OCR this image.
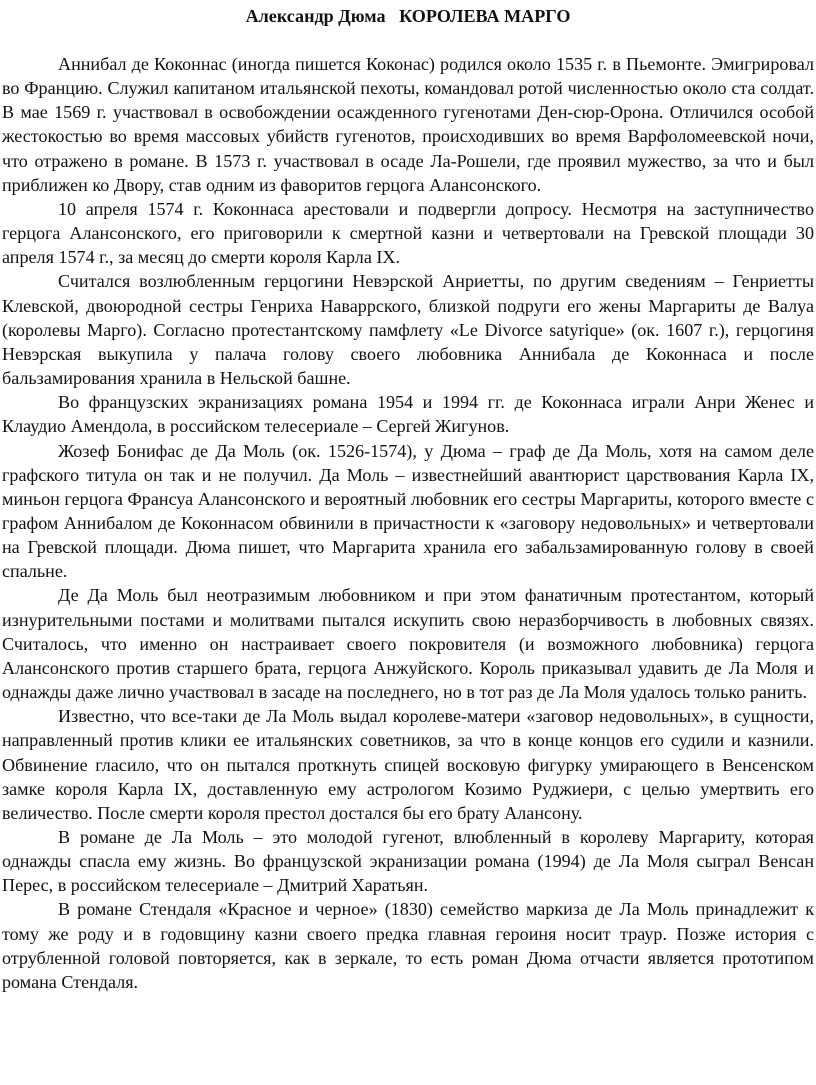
Александр Дюма КОРОЛЕВА МАРГО

Аннибал де Коконнас (иногда пишется Коконас) родился около 1535 г. в Пьемонте. Эмигрировал во Францию. Служил капитаном итальянской пехоты, командовал ротой численностью около ста солдат. В мае 1569 г. участвовал в освобождении осажденного гугенотами Ден-сюр-Орона. Отличился особой жестокостью во время массовых убийств гугенотов, происходивших во время Варфоломеевской ночи, что отражено в романе. В 1573 г. участвовал в осаде Ла-Рошели, где проявил мужество, за что и был приближен ко Двору, став одним из фаворитов герцога Алансонского.

10 апреля 1574 г. Коконнаса арестовали и подвергли допросу. Несмотря на заступничество герцога Алансонского, его приговорили к смертной казни и четвертовали на Гревской площади 30 апреля 1574 г., за месяц до смерти короля Карла IX.

Считался возлюбленным герцогини Невэрской Анриетты, по другим сведениям – Генриетты Клевской, двоюродной сестры Генриха Наваррского, близкой подруги его жены Маргариты де Валуа (королевы Марго). Согласно протестантскому памфлету «Le Divorce satyrique» (ок. 1607 г.), герцогиня Невэрская выкупила у палача голову своего любовника Аннибала де Коконнаса и после бальзамирования хранила в Нельской башне.

Во французских экранизациях романа 1954 и 1994 гг. де Коконнаса играли Анри Женес и Клаудио Амендола, в российском телесериале – Сергей Жигунов.

Жозеф Бонифас де Да Моль (ок. 1526-1574), у Дюма – граф де Да Моль, хотя на самом деле графского титула он так и не получил. Да Моль – известнейший авантюрист царствования Карла IX, миньон герцога Франсуа Алансонского и вероятный любовник его сестры Маргариты, которого вместе с графом Аннибалом де Коконнасом обвинили в причастности к «заговору недовольных» и четвертовали на Гревской площади. Дюма пишет, что Маргарита хранила его забальзамированную голову в своей спальне.

Де Да Моль был неотразимым любовником и при этом фанатичным протестантом, который изнурительными постами и молитвами пытался искупить свою неразборчивость в любовных связях. Считалось, что именно он настраивает своего покровителя (и возможного любовника) герцога Алансонского против старшего брата, герцога Анжуйского. Король приказывал удавить де Ла Моля и однажды даже лично участвовал в засаде на последнего, но в тот раз де Ла Моля удалось только ранить.

Известно, что все-таки де Ла Моль выдал королеве-матери «заговор недовольных», в сущности, направленный против клики ее итальянских советников, за что в конце концов его судили и казнили. Обвинение гласило, что он пытался проткнуть спицей восковую фигурку умирающего в Венсенском замке короля Карла IX, доставленную ему астрологом Козимо Руджиери, с целью умертвить его величество. После смерти короля престол достался бы его брату Алансону.

В романе де Ла Моль – это молодой гугенот, влюбленный в королеву Маргариту, которая однажды спасла ему жизнь. Во французской экранизации романа (1994) де Ла Моля сыграл Венсан Перес, в российском телесериале – Дмитрий Харатьян.

В романе Стендаля «Красное и черное» (1830) семейство маркиза де Ла Моль принадлежит к тому же роду и в годовщину казни своего предка главная героиня носит траур. Позже история с отрубленной головой повторяется, как в зеркале, то есть роман Дюма отчасти является прототипом романа Стендаля.
